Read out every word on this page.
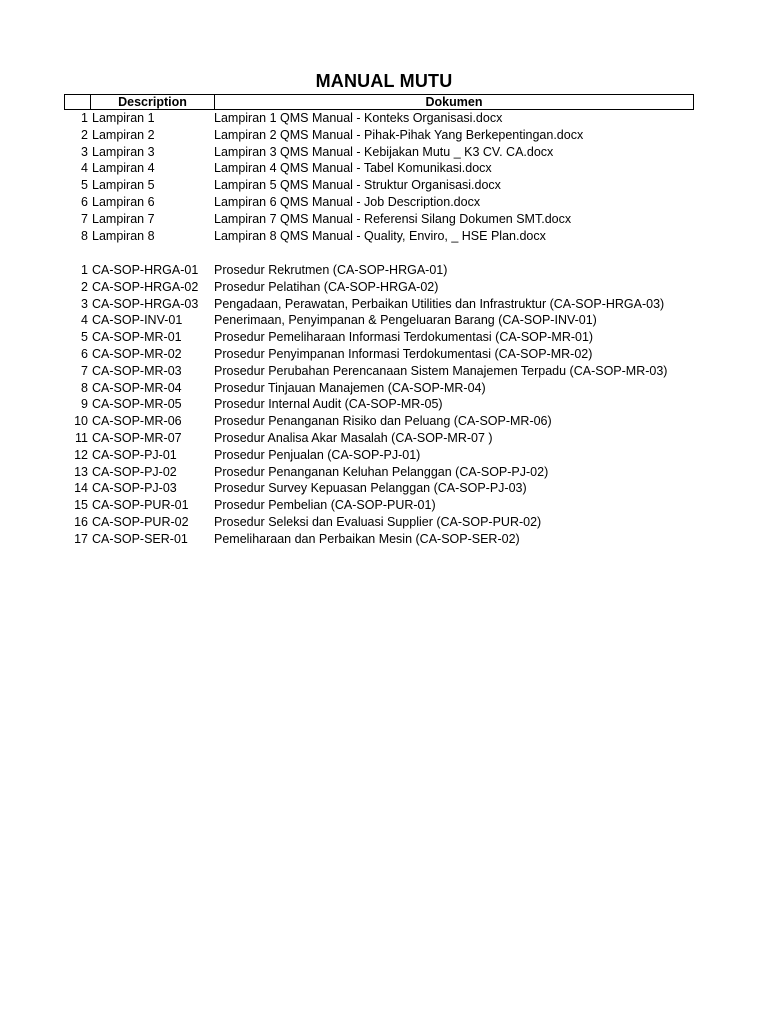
MANUAL MUTU
Description	Dokumen
1 Lampiran 1	Lampiran 1 QMS Manual - Konteks Organisasi.docx
2 Lampiran 2	Lampiran 2 QMS Manual - Pihak-Pihak Yang Berkepentingan.docx
3 Lampiran 3	Lampiran 3 QMS Manual - Kebijakan Mutu _ K3 CV. CA.docx
4 Lampiran 4	Lampiran 4 QMS Manual - Tabel Komunikasi.docx
5 Lampiran 5	Lampiran 5 QMS Manual - Struktur Organisasi.docx
6 Lampiran 6	Lampiran 6 QMS Manual - Job Description.docx
7 Lampiran 7	Lampiran 7 QMS Manual - Referensi Silang Dokumen SMT.docx
8 Lampiran 8	Lampiran 8 QMS Manual - Quality, Enviro, _ HSE Plan.docx
1 CA-SOP-HRGA-01 Prosedur Rekrutmen (CA-SOP-HRGA-01)
2 CA-SOP-HRGA-02 Prosedur Pelatihan (CA-SOP-HRGA-02)
3 CA-SOP-HRGA-03 Pengadaan, Perawatan, Perbaikan Utilities dan Infrastruktur (CA-SOP-HRGA-03)
4 CA-SOP-INV-01	Penerimaan, Penyimpanan & Pengeluaran Barang (CA-SOP-INV-01)
5 CA-SOP-MR-01	Prosedur Pemeliharaan Informasi Terdokumentasi (CA-SOP-MR-01)
6 CA-SOP-MR-02	Prosedur Penyimpanan Informasi Terdokumentasi (CA-SOP-MR-02)
7 CA-SOP-MR-03	Prosedur Perubahan Perencanaan Sistem Manajemen Terpadu (CA-SOP-MR-03)
8 CA-SOP-MR-04	Prosedur Tinjauan Manajemen (CA-SOP-MR-04)
9 CA-SOP-MR-05	Prosedur Internal Audit (CA-SOP-MR-05)
10 CA-SOP-MR-06	Prosedur Penanganan Risiko dan Peluang (CA-SOP-MR-06)
11 CA-SOP-MR-07	Prosedur Analisa Akar Masalah (CA-SOP-MR-07 )
12 CA-SOP-PJ-01	Prosedur Penjualan (CA-SOP-PJ-01)
13 CA-SOP-PJ-02	Prosedur Penanganan Keluhan Pelanggan (CA-SOP-PJ-02)
14 CA-SOP-PJ-03	Prosedur Survey Kepuasan Pelanggan (CA-SOP-PJ-03)
15 CA-SOP-PUR-01 Prosedur Pembelian (CA-SOP-PUR-01)
16 CA-SOP-PUR-02 Prosedur Seleksi dan Evaluasi Supplier (CA-SOP-PUR-02)
17 CA-SOP-SER-01 Pemeliharaan dan Perbaikan Mesin (CA-SOP-SER-02)
